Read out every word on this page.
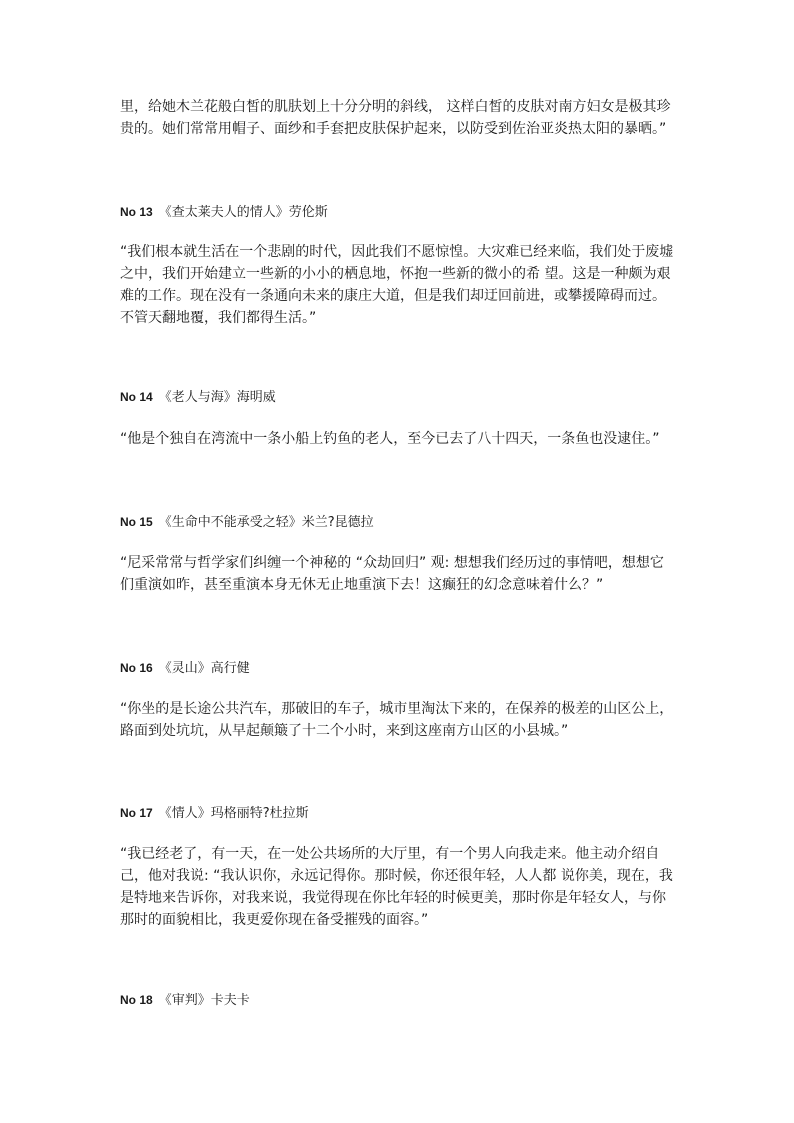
里，给她木兰花般白皙的肌肤划上十分分明的斜线， 这样白皙的皮肤对南方妇女是极其珍贵的。她们常常用帽子、面纱和手套把皮肤保护起来，以防受到佐治亚炎热太阳的暴晒。”

No 13 《查太莱夫人的情人》劳伦斯

“我们根本就生活在一个悲剧的时代，因此我们不愿惊惶。大灾难已经来临，我们处于废墟之中，我们开始建立一些新的小小的栖息地，怀抱一些新的微小的希 望。这是一种颇为艰难的工作。现在没有一条通向未来的康庄大道，但是我们却迂回前进，或攀援障碍而过。不管天翻地覆，我们都得生活。”

No 14 《老人与海》海明威

“他是个独自在湾流中一条小船上钓鱼的老人，至今已去了八十四天，一条鱼也没逮住。”

No 15 《生命中不能承受之轻》米兰?昆德拉

“尼采常常与哲学家们纠缠一个神秘的 “众劫回归” 观: 想想我们经历过的事情吧，想想它们重演如昨，甚至重演本身无休无止地重演下去！这癫狂的幻念意味着什么？”

No 16 《灵山》高行健

“你坐的是长途公共汽车，那破旧的车子，城市里淘汰下来的，在保养的极差的山区公上，路面到处坑坑，从早起颠簸了十二个小时，来到这座南方山区的小县城。”

No 17 《情人》玛格丽特?杜拉斯

“我已经老了，有一天，在一处公共场所的大厅里，有一个男人向我走来。他主动介绍自己，他对我说: “我认识你，永远记得你。那时候，你还很年轻，人人都 说你美，现在，我是特地来告诉你，对我来说，我觉得现在你比年轻的时候更美，那时你是年轻女人，与你那时的面貌相比，我更爱你现在备受摧残的面容。”

No 18 《审判》卡夫卡
